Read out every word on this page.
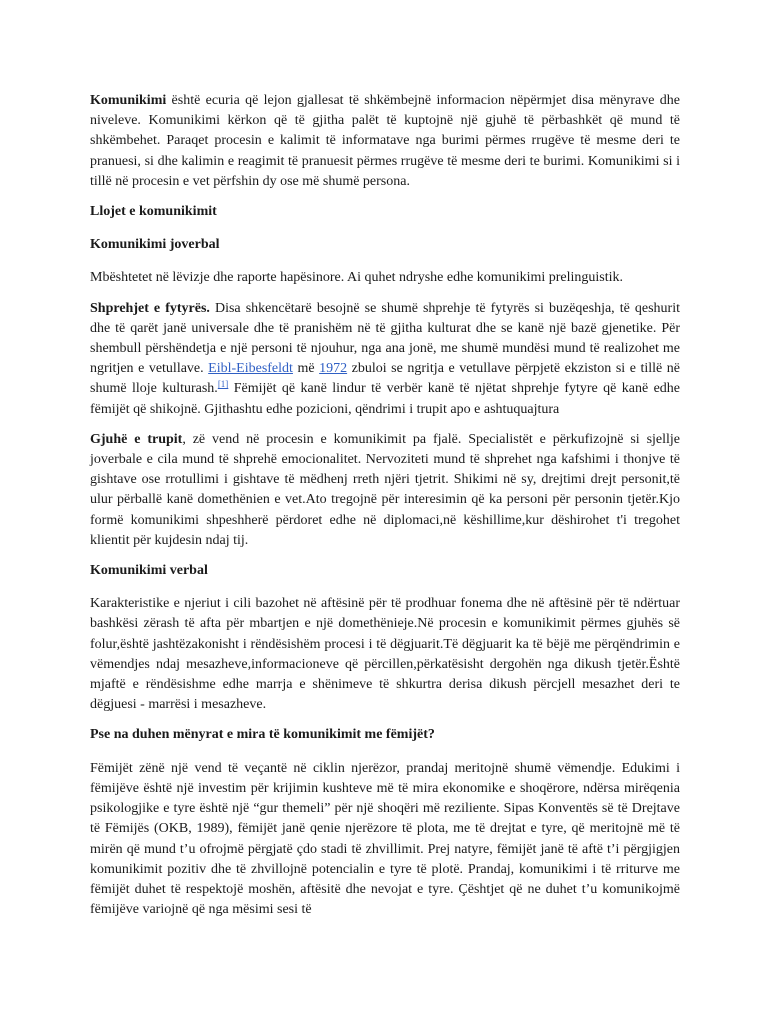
Komunikimi është ecuria që lejon gjallesat të shkëmbejnë informacion nëpërmjet disa mënyrave dhe niveleve. Komunikimi kërkon që të gjitha palët të kuptojnë një gjuhë të përbashkët që mund të shkëmbehet. Paraqet procesin e kalimit të informatave nga burimi përmes rrugëve të mesme deri te pranuesi, si dhe kalimin e reagimit të pranuesit përmes rrugëve të mesme deri te burimi. Komunikimi si i tillë në procesin e vet përfshin dy ose më shumë persona.

Llojet e komunikimit

Komunikimi joverbal

Mbështetet në lëvizje dhe raporte hapësinore. Ai quhet ndryshe edhe komunikimi prelinguistik.

Shprehjet e fytyrës. Disa shkencëtarë besojnë se shumë shprehje të fytyrës si buzëqeshja, të qeshurit dhe të qarët janë universale dhe të pranishëm në të gjitha kulturat dhe se kanë një bazë gjenetike. Për shembull përshëndetja e një personi të njouhur, nga ana jonë, me shumë mundësi mund të realizohet me ngritjen e vetullave. Eibl-Eibesfeldt më 1972 zbuloi se ngritja e vetullave përpjetë ekziston si e tillë në shumë lloje kulturash.[1] Fëmijët që kanë lindur të verbër kanë të njëtat shprehje fytyre që kanë edhe fëmijët që shikojnë. Gjithashtu edhe pozicioni, qëndrimi i trupit apo e ashtuquajtura

Gjuhë e trupit, zë vend në procesin e komunikimit pa fjalë. Specialistët e përkufizojnë si sjellje joverbale e cila mund të shprehë emocionalitet. Nervoziteti mund të shprehet nga kafshimi i thonjve të gishtave ose rrotullimi i gishtave të mëdhenj rreth njëri tjetrit. Shikimi në sy, drejtimi drejt personit,të ulur përballë kanë domethënien e vet.Ato tregojnë për interesimin që ka personi për personin tjetër.Kjo formë komunikimi shpeshherë përdoret edhe në diplomaci,në këshillime,kur dëshirohet t'i tregohet klientit për kujdesin ndaj tij.

Komunikimi verbal

Karakteristike e njeriut i cili bazohet në aftësinë për të prodhuar fonema dhe në aftësinë për të ndërtuar bashkësi zërash të afta për mbartjen e një domethënieje.Në procesin e komunikimit përmes gjuhës së folur,është jashtëzakonisht i rëndësishëm procesi i të dëgjuarit.Të dëgjuarit ka të bëjë me përqëndrimin e vëmendjes ndaj mesazheve,informacioneve që përcillen,përkatësisht dergohën nga dikush tjetër.Është mjaftë e rëndësishme edhe marrja e shënimeve të shkurtra derisa dikush përcjell mesazhet deri te dëgjuesi - marrësi i mesazheve.

Pse na duhen mënyrat e mira të komunikimit me fëmijët?

Fëmijët zënë një vend të veçantë në ciklin njerëzor, prandaj meritojnë shumë vëmendje. Edukimi i fëmijëve është një investim për krijimin kushteve më të mira ekonomike e shoqërore, ndërsa mirëqenia psikologjike e tyre është një “gur themeli” për një shoqëri më reziliente. Sipas Konventës së të Drejtave të Fëmijës (OKB, 1989), fëmijët janë qenie njerëzore të plota, me të drejtat e tyre, që meritojnë më të mirën që mund t’u ofrojmë përgjatë çdo stadi të zhvillimit. Prej natyre, fëmijët janë të aftë t’i përgjigjen komunikimit pozitiv dhe të zhvillojnë potencialin e tyre të plotë. Prandaj, komunikimi i të rriturve me fëmijët duhet të respektojë moshën, aftësitë dhe nevojat e tyre. Çështjet që ne duhet t’u komunikojmë fëmijëve variojnë që nga mësimi sesi të
